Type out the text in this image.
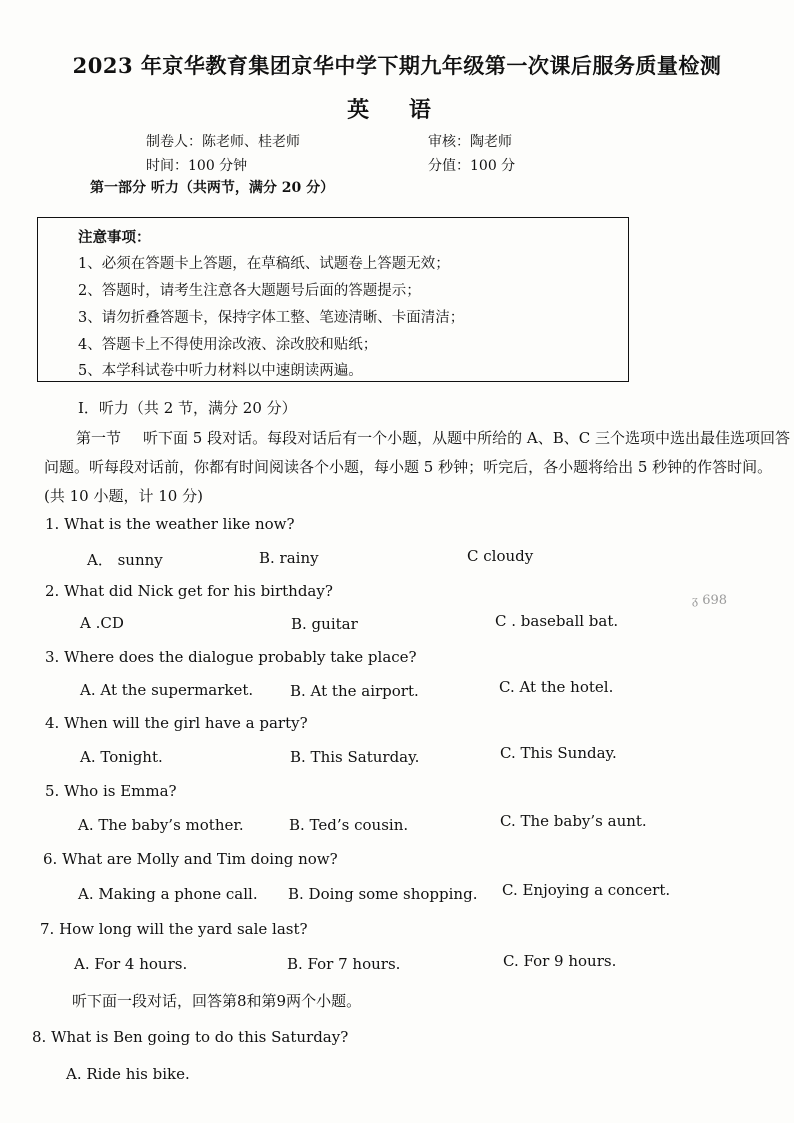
2023 年京华教育集团京华中学下期九年级第一次课后服务质量检测
英 语
制卷人：陈老师、桂老师	审核：陶老师
时间：100 分钟	分值：100 分
第一部分 听力（共两节，满分 20 分）
注意事项：
1、必须在答题卡上答题，在草稿纸、试题卷上答题无效；
2、答题时，请考生注意各大题题号后面的答题提示；
3、请勿折叠答题卡，保持字体工整、笔迹清晰、卡面清洁；
4、答题卡上不得使用涂改液、涂改胶和贴纸；
5、本学科试卷中听力材料以中速朗读两遍。
I．听力（共 2 节，满分 20 分）
第一节 听下面 5 段对话。每段对话后有一个小题，从题中所给的 A、B、C 三个选项中选出最佳选项回答问题。听每段对话前，你都有时间阅读各个小题，每小题 5 秒钟；听完后，各小题将给出 5 秒钟的作答时间。(共 10 小题，计 10 分)
1. What is the weather like now?
A． sunny	B. rainy	C cloudy
2. What did Nick get for his birthday?
A .CD	B. guitar	C . baseball bat.
3. Where does the dialogue probably take place?
A. At the supermarket. B. At the airport.	C. At the hotel.
4. When will the girl have a party?
A. Tonight.	B. This Saturday.	C. This Sunday.
5. Who is Emma?
A. The baby’s mother.	B. Ted’s cousin.	C. The baby’s aunt.
6. What are Molly and Tim doing now?
A. Making a phone call. B. Doing some shopping. C. Enjoying a concert.
7. How long will the yard sale last?
A. For 4 hours.	B. For 7 hours.	C. For 9 hours.
听下面一段对话，回答第8和第9两个小题。
8. What is Ben going to do this Saturday?
A. Ride his bike.
ᵹ 698
